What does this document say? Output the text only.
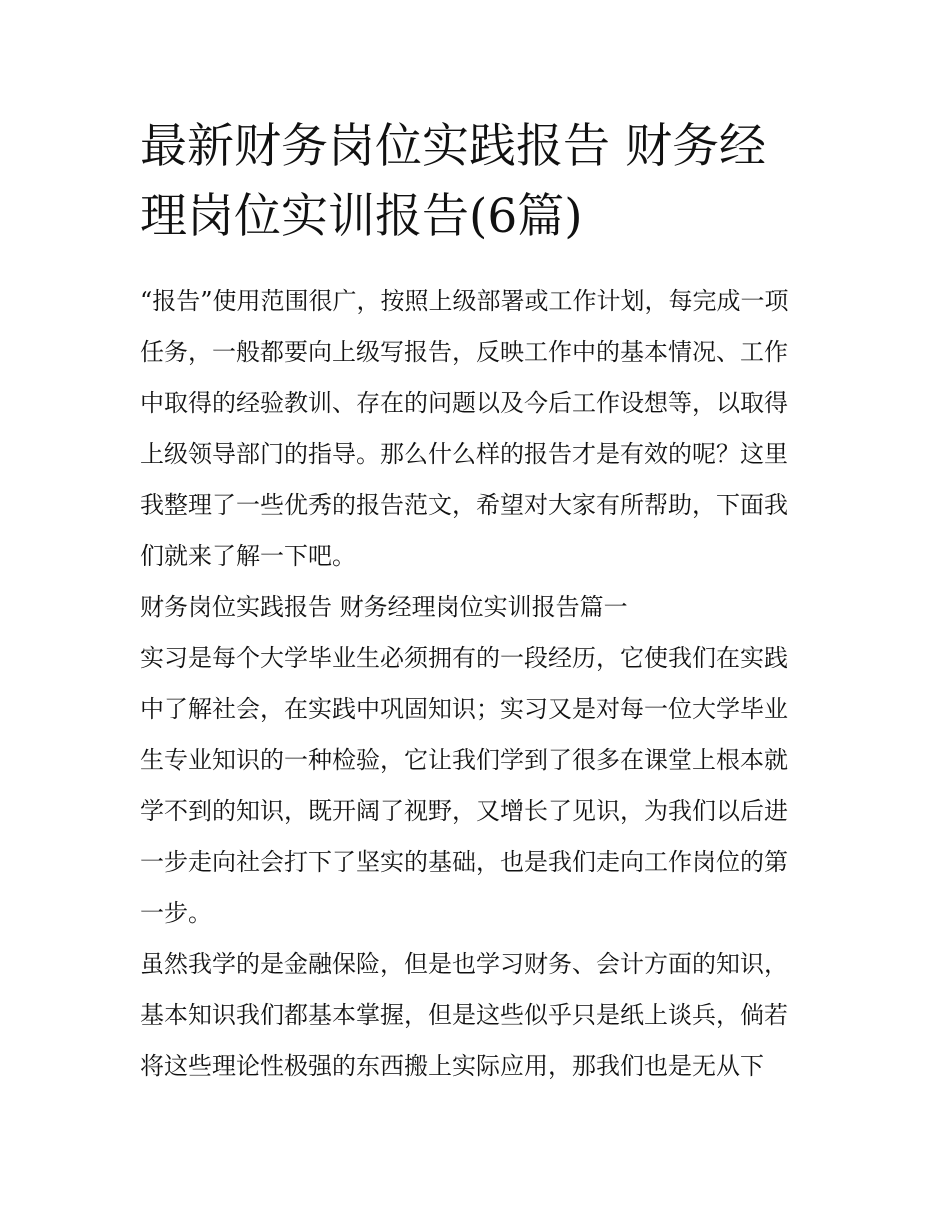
最新财务岗位实践报告 财务经
理岗位实训报告(6篇)
“报告”使用范围很广，按照上级部署或工作计划，每完成一项
任务，一般都要向上级写报告，反映工作中的基本情况、工作
中取得的经验教训、存在的问题以及今后工作设想等，以取得
上级领导部门的指导。那么什么样的报告才是有效的呢？这里
我整理了一些优秀的报告范文，希望对大家有所帮助，下面我
们就来了解一下吧。
财务岗位实践报告 财务经理岗位实训报告篇一
实习是每个大学毕业生必须拥有的一段经历，它使我们在实践
中了解社会，在实践中巩固知识；实习又是对每一位大学毕业
生专业知识的一种检验，它让我们学到了很多在课堂上根本就
学不到的知识，既开阔了视野，又增长了见识，为我们以后进
一步走向社会打下了坚实的基础，也是我们走向工作岗位的第
一步。
虽然我学的是金融保险，但是也学习财务、会计方面的知识，
基本知识我们都基本掌握，但是这些似乎只是纸上谈兵，倘若
将这些理论性极强的东西搬上实际应用，那我们也是无从下
